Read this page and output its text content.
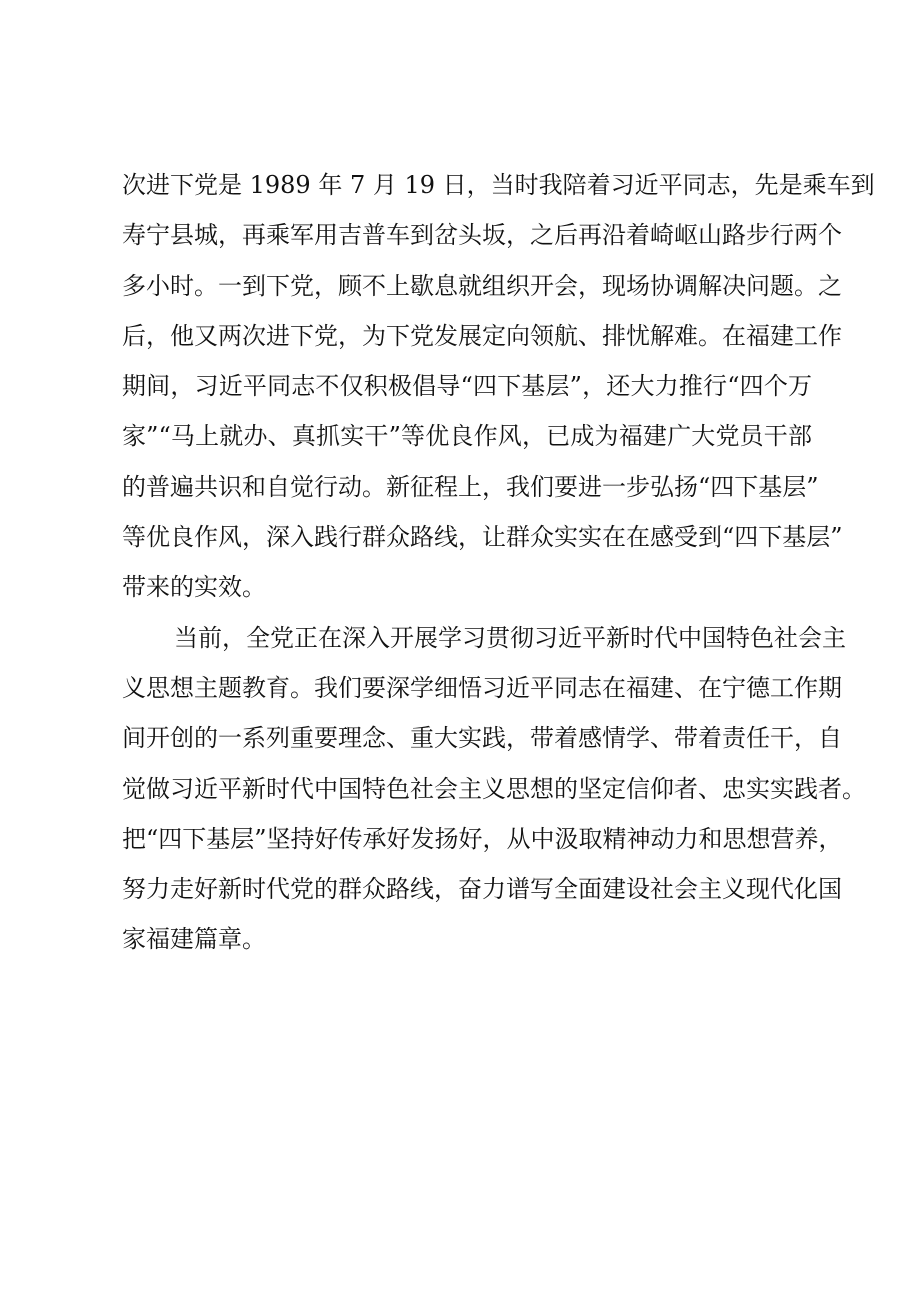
次进下党是 1989 年 7 月 19 日，当时我陪着习近平同志，先是乘车到
寿宁县城，再乘军用吉普车到岔头坂，之后再沿着崎岖山路步行两个
多小时。一到下党，顾不上歇息就组织开会，现场协调解决问题。之
后，他又两次进下党，为下党发展定向领航、排忧解难。在福建工作
期间，习近平同志不仅积极倡导“四下基层”，还大力推行“四个万
家”“马上就办、真抓实干”等优良作风，已成为福建广大党员干部
的普遍共识和自觉行动。新征程上，我们要进一步弘扬“四下基层”
等优良作风，深入践行群众路线，让群众实实在在感受到“四下基层”
带来的实效。
当前，全党正在深入开展学习贯彻习近平新时代中国特色社会主
义思想主题教育。我们要深学细悟习近平同志在福建、在宁德工作期
间开创的一系列重要理念、重大实践，带着感情学、带着责任干，自
觉做习近平新时代中国特色社会主义思想的坚定信仰者、忠实实践者。
把“四下基层”坚持好传承好发扬好，从中汲取精神动力和思想营养，
努力走好新时代党的群众路线，奋力谱写全面建设社会主义现代化国
家福建篇章。
